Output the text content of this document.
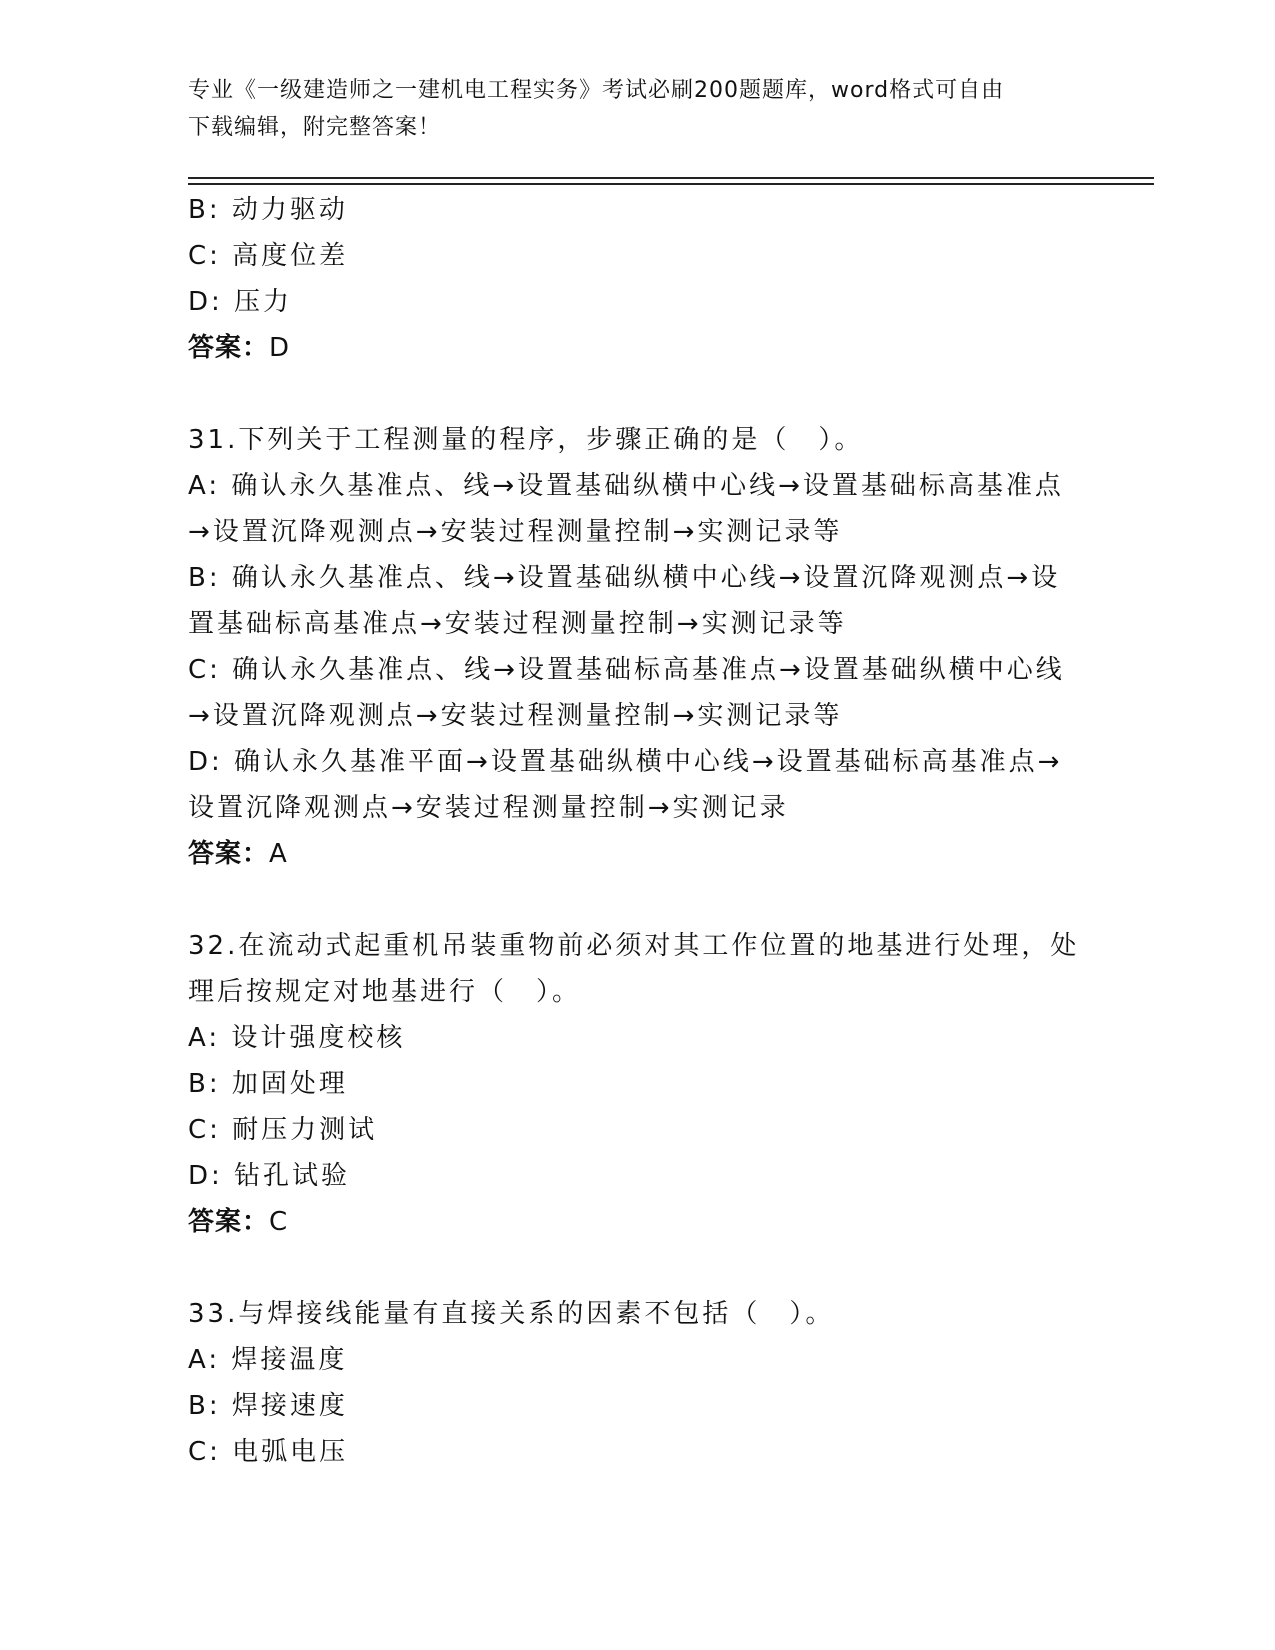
专业《一级建造师之一建机电工程实务》考试必刷200题题库，word格式可自由
下载编辑，附完整答案！
B: 动力驱动
C: 高度位差
D: 压力
答案：D
31.下列关于工程测量的程序，步骤正确的是（　）。
A: 确认永久基准点、线→设置基础纵横中心线→设置基础标高基准点
→设置沉降观测点→安装过程测量控制→实测记录等
B: 确认永久基准点、线→设置基础纵横中心线→设置沉降观测点→设
置基础标高基准点→安装过程测量控制→实测记录等
C: 确认永久基准点、线→设置基础标高基准点→设置基础纵横中心线
→设置沉降观测点→安装过程测量控制→实测记录等
D: 确认永久基准平面→设置基础纵横中心线→设置基础标高基准点→
设置沉降观测点→安装过程测量控制→实测记录
答案：A
32.在流动式起重机吊装重物前必须对其工作位置的地基进行处理，处
理后按规定对地基进行（　）。
A: 设计强度校核
B: 加固处理
C: 耐压力测试
D: 钻孔试验
答案：C
33.与焊接线能量有直接关系的因素不包括（　）。
A: 焊接温度
B: 焊接速度
C: 电弧电压
